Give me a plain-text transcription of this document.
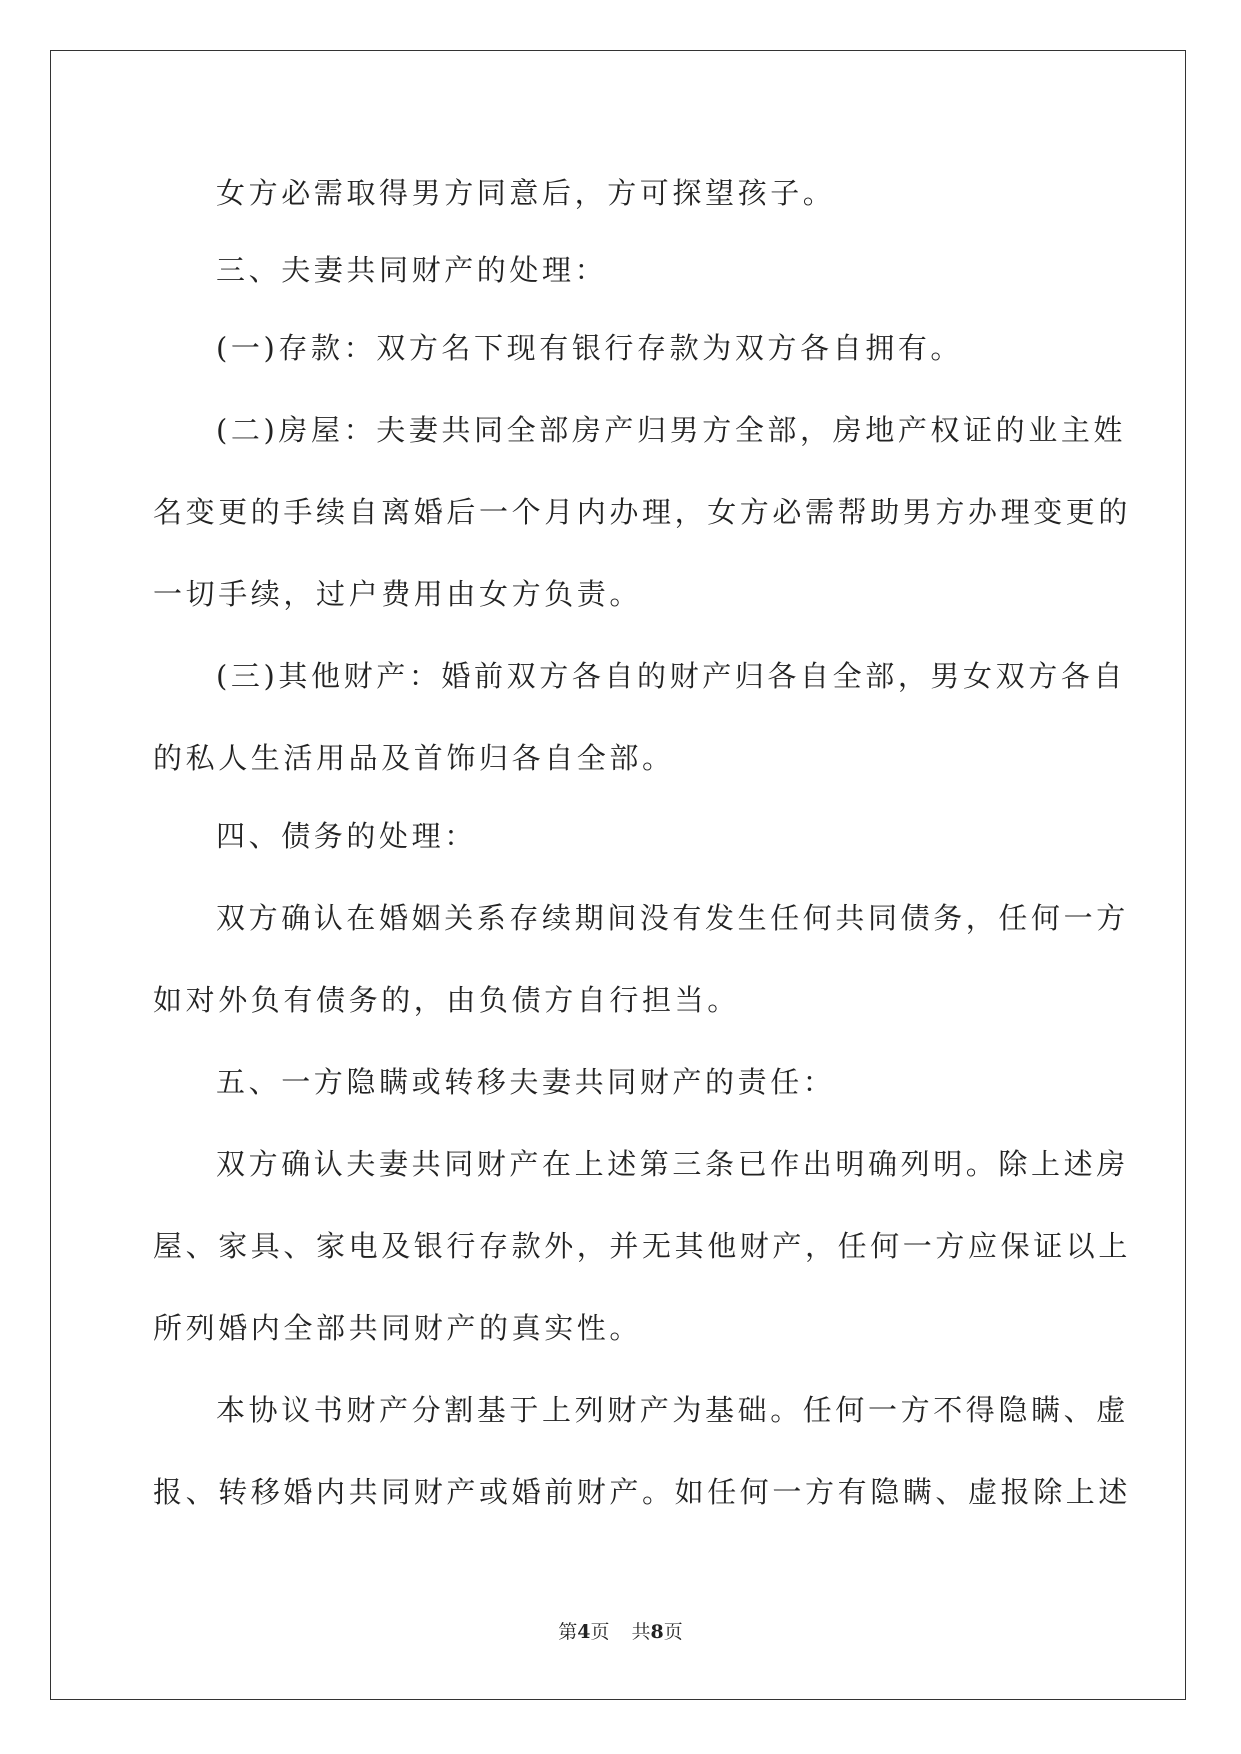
女方必需取得男方同意后，方可探望孩子。
三、夫妻共同财产的处理：
(一)存款：双方名下现有银行存款为双方各自拥有。
(二)房屋：夫妻共同全部房产归男方全部，房地产权证的业主姓
名变更的手续自离婚后一个月内办理，女方必需帮助男方办理变更的
一切手续，过户费用由女方负责。
(三)其他财产：婚前双方各自的财产归各自全部，男女双方各自
的私人生活用品及首饰归各自全部。
四、债务的处理：
双方确认在婚姻关系存续期间没有发生任何共同债务，任何一方
如对外负有债务的，由负债方自行担当。
五、一方隐瞒或转移夫妻共同财产的责任：
双方确认夫妻共同财产在上述第三条已作出明确列明。除上述房
屋、家具、家电及银行存款外，并无其他财产，任何一方应保证以上
所列婚内全部共同财产的真实性。
本协议书财产分割基于上列财产为基础。任何一方不得隐瞒、虚
报、转移婚内共同财产或婚前财产。如任何一方有隐瞒、虚报除上述
第4页 共8页
